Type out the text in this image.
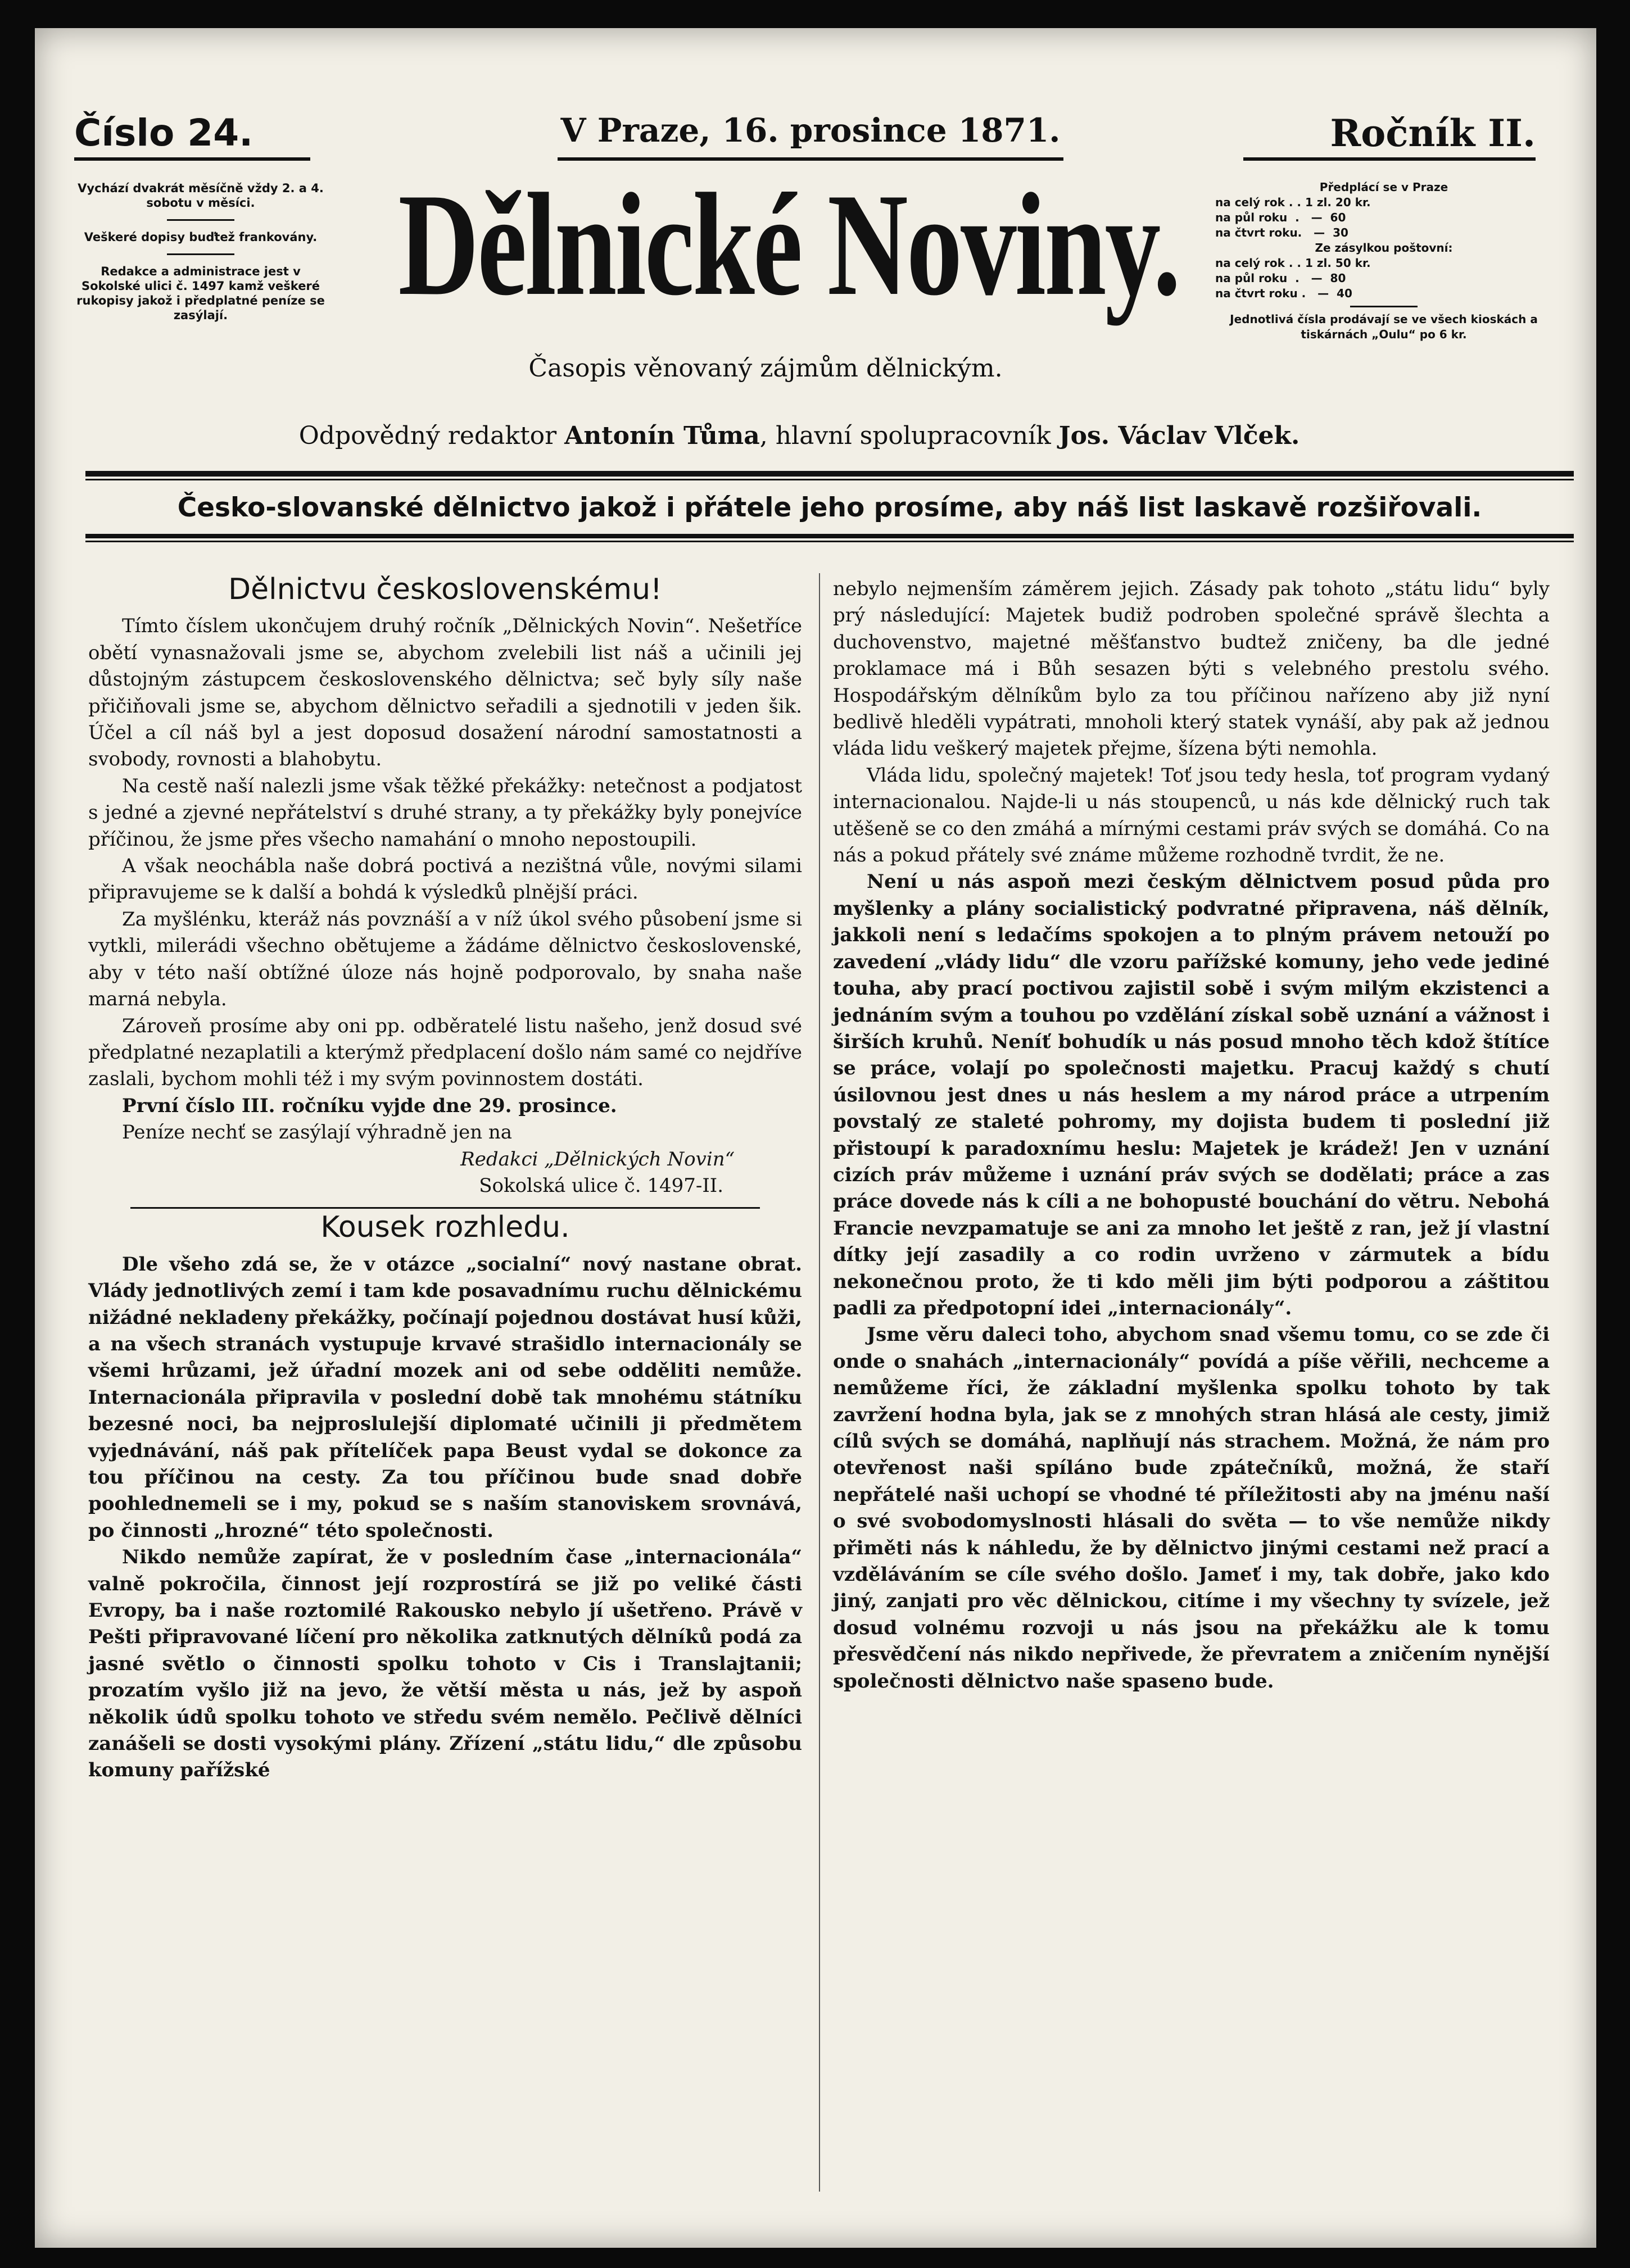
Číslo 24.	V Praze, 16. prosince 1871.	Ročník II.
Vychází dvakrát měsíčně vždy 2. a 4. sobotu v měsíci.
Veškeré dopisy buďtež frankovány.
Redakce a administrace jest v Sokolské ulici č. 1497 kamž veškeré rukopisy jakož i předplatné peníze se zasýlají.	Dělnické Noviny.
Časopis věnovaný zájmům dělnickým.
Předplácí se v Praze
na celý rok . . 1 zl. 20 kr.
na půl roku  .   —  60
na čtvrt roku.   —  30
Ze zásylkou poštovní:
na celý rok . . 1 zl. 50 kr.
na půl roku  .   —  80
na čtvrt roku .   —  40
Jednotlivá čísla prodávají se ve všech kioskách a tiskárnách „Oulu“ po 6 kr.
Odpovědný redaktor Antonín Tůma, hlavní spolupracovník Jos. Václav Vlček.
Česko-slovanské dělnictvo jakož i přátele jeho prosíme, aby náš list laskavě rozšiřovali.
Dělnictvu československému!

Tímto číslem ukončujem druhý ročník „Dělnických Novin“. Nešetříce obětí vynasnažovali jsme se, abychom zvelebili list náš a učinili jej důstojným zástupcem československého dělnictva; seč byly síly naše přičiňovali jsme se, abychom dělnictvo seřadili a sjednotili v jeden šik. Účel a cíl náš byl a jest doposud dosažení národní samostatnosti a svobody, rovnosti a blahobytu.

Na cestě naší nalezli jsme však těžké překážky: netečnost a podjatost s jedné a zjevné nepřátelství s druhé strany, a ty překážky byly ponejvíce příčinou, že jsme přes všecho namahání o mnoho nepostoupili.

A však neochábla naše dobrá poctivá a nezištná vůle, novými silami připravujeme se k další a bohdá k výsledků plnější práci.

Za myšlénku, kteráž nás povznáší a v níž úkol svého působení jsme si vytkli, milerádi všechno obětujeme a žádáme dělnictvo československé, aby v této naší obtížné úloze nás hojně podporovalo, by snaha naše marná nebyla.

Zároveň prosíme aby oni pp. odběratelé listu našeho, jenž dosud své předplatné nezaplatili a kterýmž předplacení došlo nám samé co nejdříve zaslali, bychom mohli též i my svým povinnostem dostáti.

První číslo III. ročníku vyjde dne 29. prosince.

Peníze nechť se zasýlají výhradně jen na

Redakci „Dělnických Novin“

Sokolská ulice č. 1497-II.

Kousek rozhledu.

Dle všeho zdá se, že v otázce „socialní“ nový nastane obrat. Vlády jednotlivých zemí i tam kde posavadnímu ruchu dělnickému nižádné nekladeny překážky, počínají pojednou dostávat husí kůži, a na všech stranách vystupuje krvavé strašidlo internacionály se všemi hrůzami, jež úřadní mozek ani od sebe odděliti nemůže. Internacionála připravila v poslední době tak mnohému státníku bezesné noci, ba nejproslulejší diplomaté učinili ji předmětem vyjednávání, náš pak přítelíček papa Beust vydal se dokonce za tou příčinou na cesty. Za tou příčinou bude snad dobře poohlednemeli se i my, pokud se s naším stanoviskem srovnává, po činnosti „hrozné“ této společnosti.

Nikdo nemůže zapírat, že v posledním čase „internacionála“ valně pokročila, činnost její rozprostírá se již po veliké části Evropy, ba i naše roztomilé Rakousko nebylo jí ušetřeno. Právě v Pešti připravované líčení pro několika zatknutých dělníků podá za jasné světlo o činnosti spolku tohoto v Cis i Translajtanii; prozatím vyšlo již na jevo, že větší města u nás, jež by aspoň několik údů spolku tohoto ve středu svém nemělo. Pečlivě dělníci zanášeli se dosti vysokými plány. Zřízení „státu lidu,“ dle způsobu komuny pařížské

nebylo nejmenším záměrem jejich. Zásady pak tohoto „státu lidu“ byly prý následující: Majetek budiž podroben společné správě šlechta a duchovenstvo, majetné měšťanstvo budtež zničeny, ba dle jedné proklamace má i Bůh sesazen býti s velebného prestolu svého. Hospodářským dělníkům bylo za tou příčinou nařízeno aby již nyní bedlivě hleděli vypátrati, mnoholi který statek vynáší, aby pak až jednou vláda lidu veškerý majetek přejme, šízena býti nemohla.

Vláda lidu, společný majetek! Toť jsou tedy hesla, toť program vydaný internacionalou. Najde-li u nás stoupenců, u nás kde dělnický ruch tak utěšeně se co den zmáhá a mírnými cestami práv svých se domáhá. Co na nás a pokud přátely své známe můžeme rozhodně tvrdit, že ne.

Není u nás aspoň mezi českým dělnictvem posud půda pro myšlenky a plány socialistický podvratné připravena, náš dělník, jakkoli není s ledačíms spokojen a to plným právem netouží po zavedení „vlády lidu“ dle vzoru pařížské komuny, jeho vede jediné touha, aby prací poctivou zajistil sobě i svým milým ekzistenci a jednáním svým a touhou po vzdělání získal sobě uznání a vážnost i širších kruhů. Neníť bohudík u nás posud mnoho těch kdož štítíce se práce, volají po společnosti majetku. Pracuj každý s chutí úsilovnou jest dnes u nás heslem a my národ práce a utrpením povstalý ze staleté pohromy, my dojista budem ti poslední již přistoupí k paradoxnímu heslu: Majetek je krádež! Jen v uznání cizích práv můžeme i uznání práv svých se dodělati; práce a zas práce dovede nás k cíli a ne bohopusté bouchání do větru. Nebohá Francie nevzpamatuje se ani za mnoho let ještě z ran, jež jí vlastní dítky její zasadily a co rodin uvrženo v zármutek a bídu nekonečnou proto, že ti kdo měli jim býti podporou a záštitou padli za předpotopní idei „internacionály“.

Jsme věru daleci toho, abychom snad všemu tomu, co se zde či onde o snahách „internacionály“ povídá a píše věřili, nechceme a nemůžeme říci, že základní myšlenka spolku tohoto by tak zavržení hodna byla, jak se z mnohých stran hlásá ale cesty, jimiž cílů svých se domáhá, naplňují nás strachem. Možná, že nám pro otevřenost naši spíláno bude zpátečníků, možná, že staří nepřátelé naši uchopí se vhodné té příležitosti aby na jménu naší o své svobodomyslnosti hlásali do světa — to vše nemůže nikdy přiměti nás k náhledu, že by dělnictvo jinými cestami než prací a vzděláváním se cíle svého došlo. Jameť i my, tak dobře, jako kdo jiný, zanjati pro věc dělnickou, citíme i my všechny ty svízele, jež dosud volnému rozvoji u nás jsou na překážku ale k tomu přesvědčení nás nikdo nepřivede, že převratem a zničením nynější společnosti dělnictvo naše spaseno bude.
